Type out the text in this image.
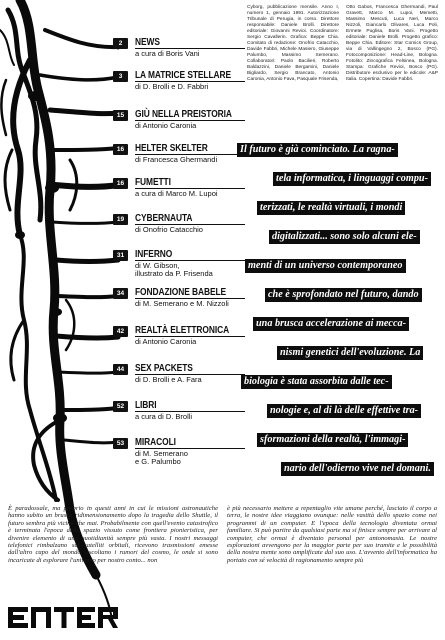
2	NEWS
a cura di Boris Vani
3	LA MATRICE STELLARE
di D. Brolli e D. Fabbri
15	GIÙ NELLA PREISTORIA
di Antonio Caronia
16	HELTER SKELTER
di Francesca Ghermandi
16	FUMETTI
a cura di Marco M. Lupoi
19	CYBERNAUTA
di Onofrio Catacchio
31	INFERNO
di W. Gibson,
illustrato da P. Frisenda
34	FONDAZIONE BABELE
di M. Semerano e M. Nizzoli
42	REALTÀ ELETTRONICA
di Antonio Caronia
44	SEX PACKETS
di D. Brolli e A. Fara
52	LIBRI
a cura di D. Brolli
53	MIRACOLI
di M. Semerano
e G. Palumbo
Cyborg, pubblicazione mensile. Anno I, numero 1, gennaio 1991. Autorizzazione Tribunale di Perugia, in corso. Direttore responsabile: Daniele Brolli. Direttore editoriale: Giovanni Revioi. Coordinatore: Sergio Cavallerin. Grafica: Beppe Chia. Comitato di redazione: Onofrio Catacchio, Davide Fabbri, Michele Masiero, Giuseppe Palumbo, Massimo Semerano. Collaboratori: Paolo Bacilieri, Roberto Baldazzini, Daniele Bergamini, Daniele Bigliardo, Sergio Brancato, Antonio Caronia, Antonio Fava, Pasquale Frisenda,
Otto Gabos, Francesca Ghermandi, Paul Gravett, Marco M. Lupoi, Memetti, Massimo Mescuti, Luca Neri, Marco Nizzoli, Giancarlo Olivares, Luca Poli, Ermete Puglisa, Boris Vani. Progetto editoriale: Daniele Brolli. Progetto grafico: Beppe Chia. Editore: Star Comics Group, via di Vallingegno 2, Bosco (PG). Fotocomposizione: Head-Line, Bologna. Fotolito: Zincografica Felsinea, Bologna. Stampa: Grafiche Revioi, Bosco (PG). Distributore esclusivo per le edicole: A&P Italia. Copertina: Davide Fabbri.
Il futuro è già cominciato. La ragna-
tela informatica, i linguaggi compu-
terizzati, le realtà virtuali, i mondi
digitalizzati... sono solo alcuni ele-
menti di un universo contemporaneo
che è sprofondato nel futuro, dando
una brusca accelerazione ai mecca-
nismi genetici dell'evoluzione. La
biologia è stata assorbita dalle tec-
nologie e, al di là delle effettive tra-
sformazioni della realtà, l'immagi-
nario dell'odierno vive nel domani.
È paradossale, ma proprio in questi anni in cui le missioni astronautiche hanno subito un brusco ridimensionamento dopo la tragedia dello Shuttle, il futuro sembra più vicino che mai. Probabilmente con quell'evento catastrofico è terminata l'epoca dello spazio vissuto come frontiera pionieristica, per divenire elemento di una quotidianità sempre più vasta. I nostri messaggi telefonici rimbalzano sui satelliti orbitali, ricevono trasmissioni emesse dall'altro capo del mondo, ascoltano i rumori del cosmo, le onde si sono incaricate di esplorare l'universo per nostro conto... non
è più necessario mettere a repentaglio vite umane perché, lasciato il corpo a terra, le nostre idee viaggiano ovunque: nelle vastità dello spazio come nei programmi di un computer. E l'epoca della tecnologia diventata ormai familiare. Si può partire da qualsiasi parte ma si finisce sempre per arrivare al computer, che ormai è diventato personal per antonomasia. Le nostre esplorazioni avvengono per la maggior parte per suo tramite e le possibilità della nostra mente sono amplificate dal suo uso. L'avvento dell'informatica ha portato con sé velocità di ragionamento sempre più
